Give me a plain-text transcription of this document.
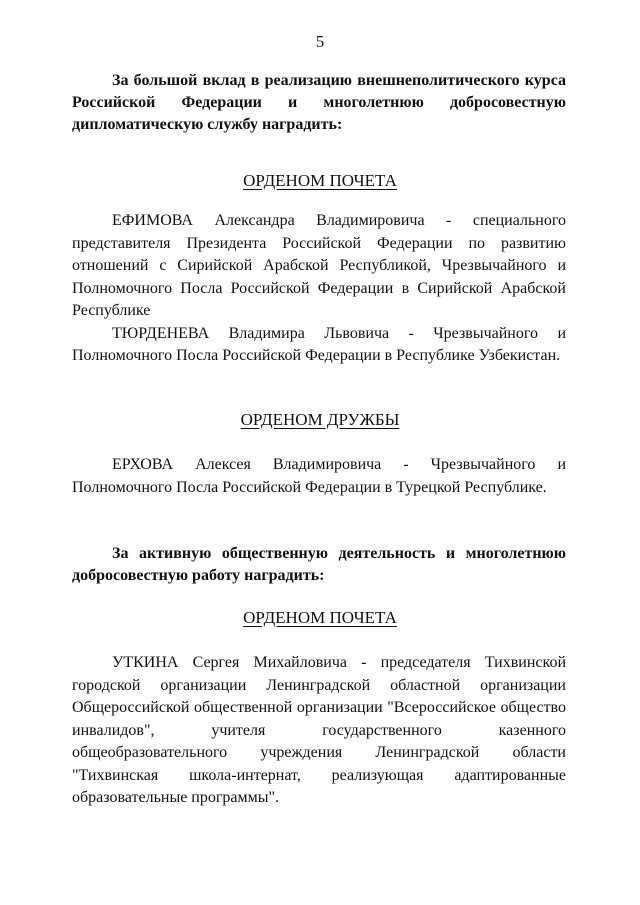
5
За большой вклад в реализацию внешнеполитического курса Российской Федерации и многолетнюю добросовестную дипломатическую службу наградить:
ОРДЕНОМ ПОЧЕТА
ЕФИМОВА Александра Владимировича - специального представителя Президента Российской Федерации по развитию отношений с Сирийской Арабской Республикой, Чрезвычайного и Полномочного Посла Российской Федерации в Сирийской Арабской Республике
ТЮРДЕНЕВА Владимира Львовича - Чрезвычайного и Полномочного Посла Российской Федерации в Республике Узбекистан.
ОРДЕНОМ ДРУЖБЫ
ЕРХОВА Алексея Владимировича - Чрезвычайного и Полномочного Посла Российской Федерации в Турецкой Республике.
За активную общественную деятельность и многолетнюю добросовестную работу наградить:
ОРДЕНОМ ПОЧЕТА
УТКИНА Сергея Михайловича - председателя Тихвинской городской организации Ленинградской областной организации Общероссийской общественной организации "Всероссийское общество инвалидов", учителя государственного казенного общеобразовательного учреждения Ленинградской области "Тихвинская школа-интернат, реализующая адаптированные образовательные программы".
